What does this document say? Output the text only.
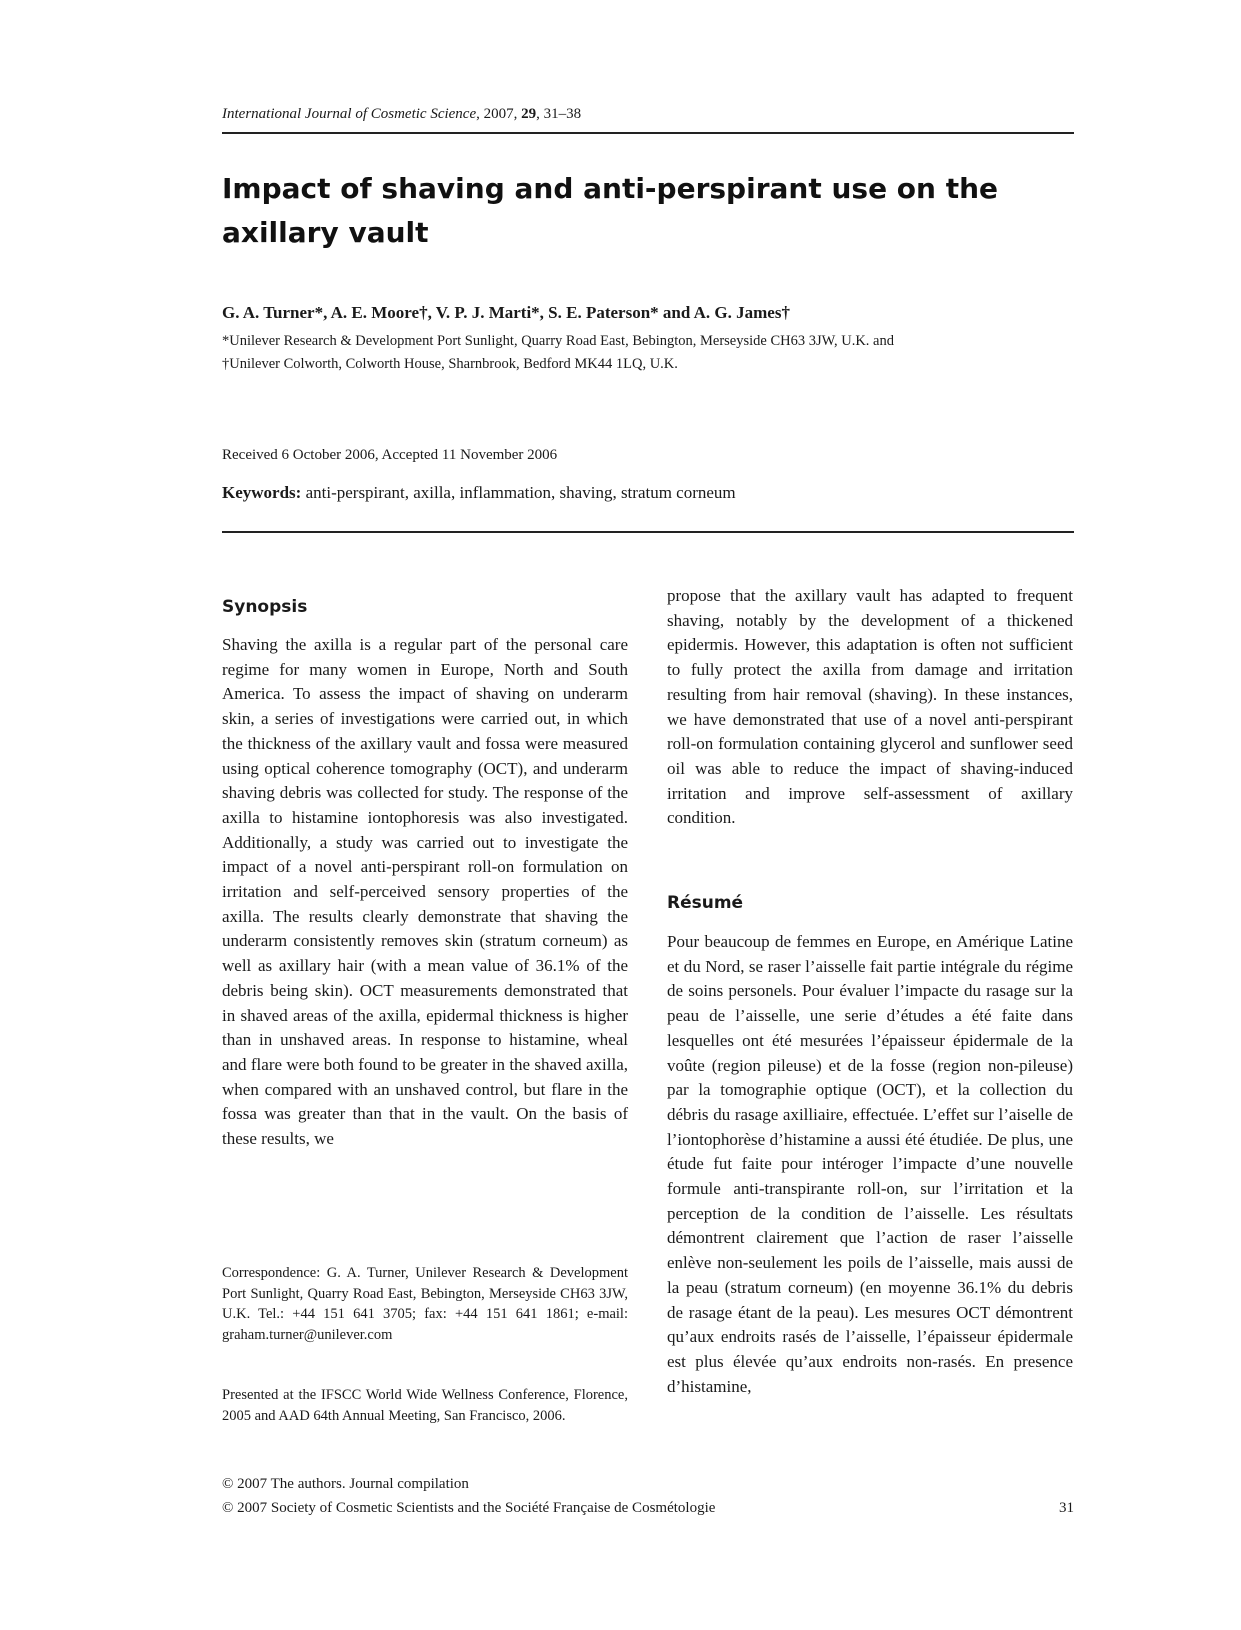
International Journal of Cosmetic Science, 2007, 29, 31–38
Impact of shaving and anti-perspirant use on the axillary vault
G. A. Turner*, A. E. Moore†, V. P. J. Marti*, S. E. Paterson* and A. G. James†
*Unilever Research & Development Port Sunlight, Quarry Road East, Bebington, Merseyside CH63 3JW, U.K. and
†Unilever Colworth, Colworth House, Sharnbrook, Bedford MK44 1LQ, U.K.
Received 6 October 2006, Accepted 11 November 2006
Keywords: anti-perspirant, axilla, inflammation, shaving, stratum corneum
Synopsis
Shaving the axilla is a regular part of the personal care regime for many women in Europe, North and South America. To assess the impact of shaving on underarm skin, a series of investigations were carried out, in which the thickness of the axillary vault and fossa were measured using optical coherence tomography (OCT), and underarm shaving debris was collected for study. The response of the axilla to histamine iontophoresis was also investigated. Additionally, a study was carried out to investigate the impact of a novel anti-perspirant roll-on formulation on irritation and self-perceived sensory properties of the axilla. The results clearly demonstrate that shaving the underarm consistently removes skin (stratum corneum) as well as axillary hair (with a mean value of 36.1% of the debris being skin). OCT measurements demonstrated that in shaved areas of the axilla, epidermal thickness is higher than in unshaved areas. In response to histamine, wheal and flare were both found to be greater in the shaved axilla, when compared with an unshaved control, but flare in the fossa was greater than that in the vault. On the basis of these results, we
propose that the axillary vault has adapted to frequent shaving, notably by the development of a thickened epidermis. However, this adaptation is often not sufficient to fully protect the axilla from damage and irritation resulting from hair removal (shaving). In these instances, we have demonstrated that use of a novel anti-perspirant roll-on formulation containing glycerol and sunflower seed oil was able to reduce the impact of shaving-induced irritation and improve self-assessment of axillary condition.
Résumé
Pour beaucoup de femmes en Europe, en Amérique Latine et du Nord, se raser l’aisselle fait partie intégrale du régime de soins personels. Pour évaluer l’impacte du rasage sur la peau de l’aisselle, une serie d’études a été faite dans lesquelles ont été mesurées l’épaisseur épidermale de la voûte (region pileuse) et de la fosse (region non-pileuse) par la tomographie optique (OCT), et la collection du débris du rasage axilliaire, effectuée. L’effet sur l’aiselle de l’iontophorèse d’histamine a aussi été étudiée. De plus, une étude fut faite pour intéroger l’impacte d’une nouvelle formule anti-transpirante roll-on, sur l’irritation et la perception de la condition de l’aisselle. Les résultats démontrent clairement que l’action de raser l’aisselle enlève non-seulement les poils de l’aisselle, mais aussi de la peau (stratum corneum) (en moyenne 36.1% du debris de rasage étant de la peau). Les mesures OCT démontrent qu’aux endroits rasés de l’aisselle, l’épaisseur épidermale est plus élevée qu’aux endroits non-rasés. En presence d’histamine,
Correspondence: G. A. Turner, Unilever Research & Development Port Sunlight, Quarry Road East, Bebington, Merseyside CH63 3JW, U.K. Tel.: +44 151 641 3705; fax: +44 151 641 1861; e-mail: graham.turner@unilever.com
Presented at the IFSCC World Wide Wellness Conference, Florence, 2005 and AAD 64th Annual Meeting, San Francisco, 2006.
© 2007 The authors. Journal compilation
© 2007 Society of Cosmetic Scientists and the Société Française de Cosmétologie	31
